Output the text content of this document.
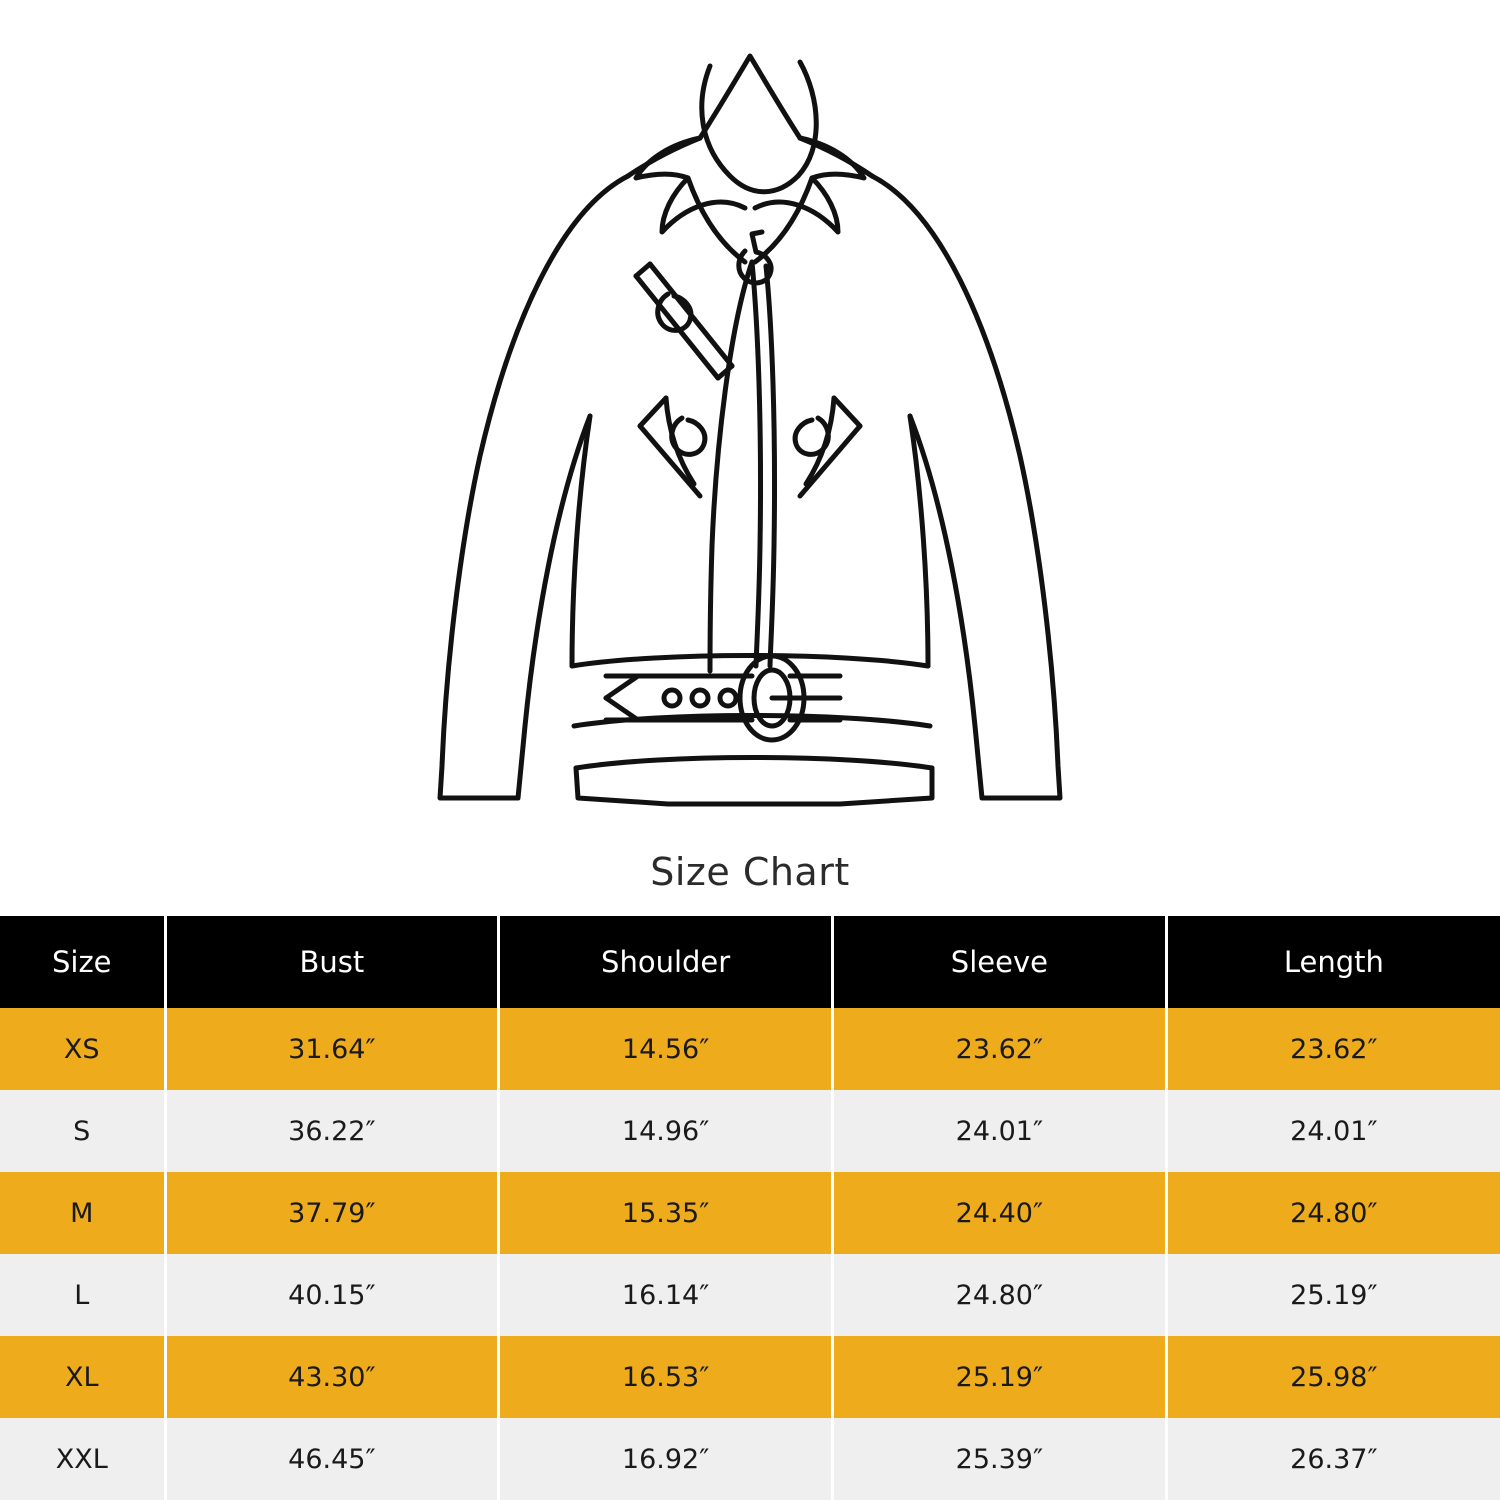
Size Chart
Size	Bust	Shoulder	Sleeve	Length
XS	31.64″	14.56″	23.62″	23.62″
S	36.22″	14.96″	24.01″	24.01″
M	37.79″	15.35″	24.40″	24.80″
L	40.15″	16.14″	24.80″	25.19″
XL	43.30″	16.53″	25.19″	25.98″
XXL	46.45″	16.92″	25.39″	26.37″
